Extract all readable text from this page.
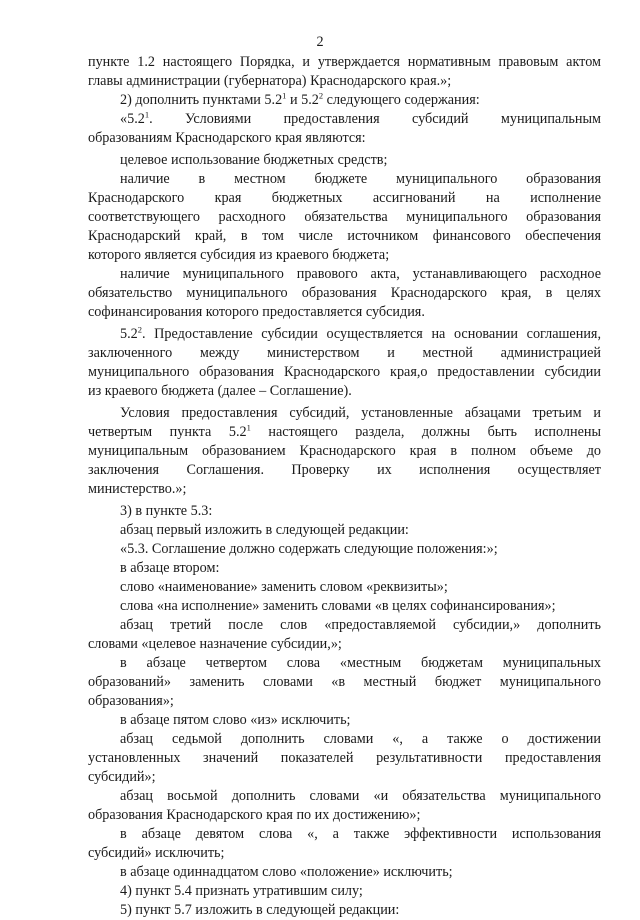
2
пункте 1.2 настоящего Порядка, и утверждается нормативным правовым актом
главы администрации (губернатора) Краснодарского края.»;
2) дополнить пунктами $5.2^1$ и $5.2^2$ следующего содержания:
«$5.2^1$. Условиями предоставления субсидий муниципальным
образованиям Краснодарского края являются:
целевое использование бюджетных средств;
наличие в местном бюджете муниципального образования
Краснодарского края бюджетных ассигнований на исполнение
соответствующего расходного обязательства муниципального образования
Краснодарский край, в том числе источником финансового обеспечения
которого является субсидия из краевого бюджета;
наличие муниципального правового акта, устанавливающего расходное
обязательство муниципального образования Краснодарского края, в целях
софинансирования которого предоставляется субсидия.
$5.2^2$. Предоставление субсидии осуществляется на основании соглашения,
заключенного между министерством и местной администрацией
муниципального образования Краснодарского края,о предоставлении субсидии
из краевого бюджета (далее – Соглашение).
Условия предоставления субсидий, установленные абзацами третьим и
четвертым пункта $5.2^1$ настоящего раздела, должны быть исполнены
муниципальным образованием Краснодарского края в полном объеме до
заключения Соглашения. Проверку их исполнения осуществляет
министерство.»;
3) в пункте 5.3:
абзац первый изложить в следующей редакции:
«5.3. Соглашение должно содержать следующие положения:»;
в абзаце втором:
слово «наименование» заменить словом «реквизиты»;
слова «на исполнение» заменить словами «в целях софинансирования»;
абзац третий после слов «предоставляемой субсидии,» дополнить
словами «целевое назначение субсидии,»;
в абзаце четвертом слова «местным бюджетам муниципальных
образований» заменить словами «в местный бюджет муниципального
образования»;
в абзаце пятом слово «из» исключить;
абзац седьмой дополнить словами «, а также о достижении
установленных значений показателей результативности предоставления
субсидий»;
абзац восьмой дополнить словами «и обязательства муниципального
образования Краснодарского края по их достижению»;
в абзаце девятом слова «, а также эффективности использования
субсидий» исключить;
в абзаце одиннадцатом слово «положение» исключить;
4) пункт 5.4 признать утратившим силу;
5) пункт 5.7 изложить в следующей редакции:
